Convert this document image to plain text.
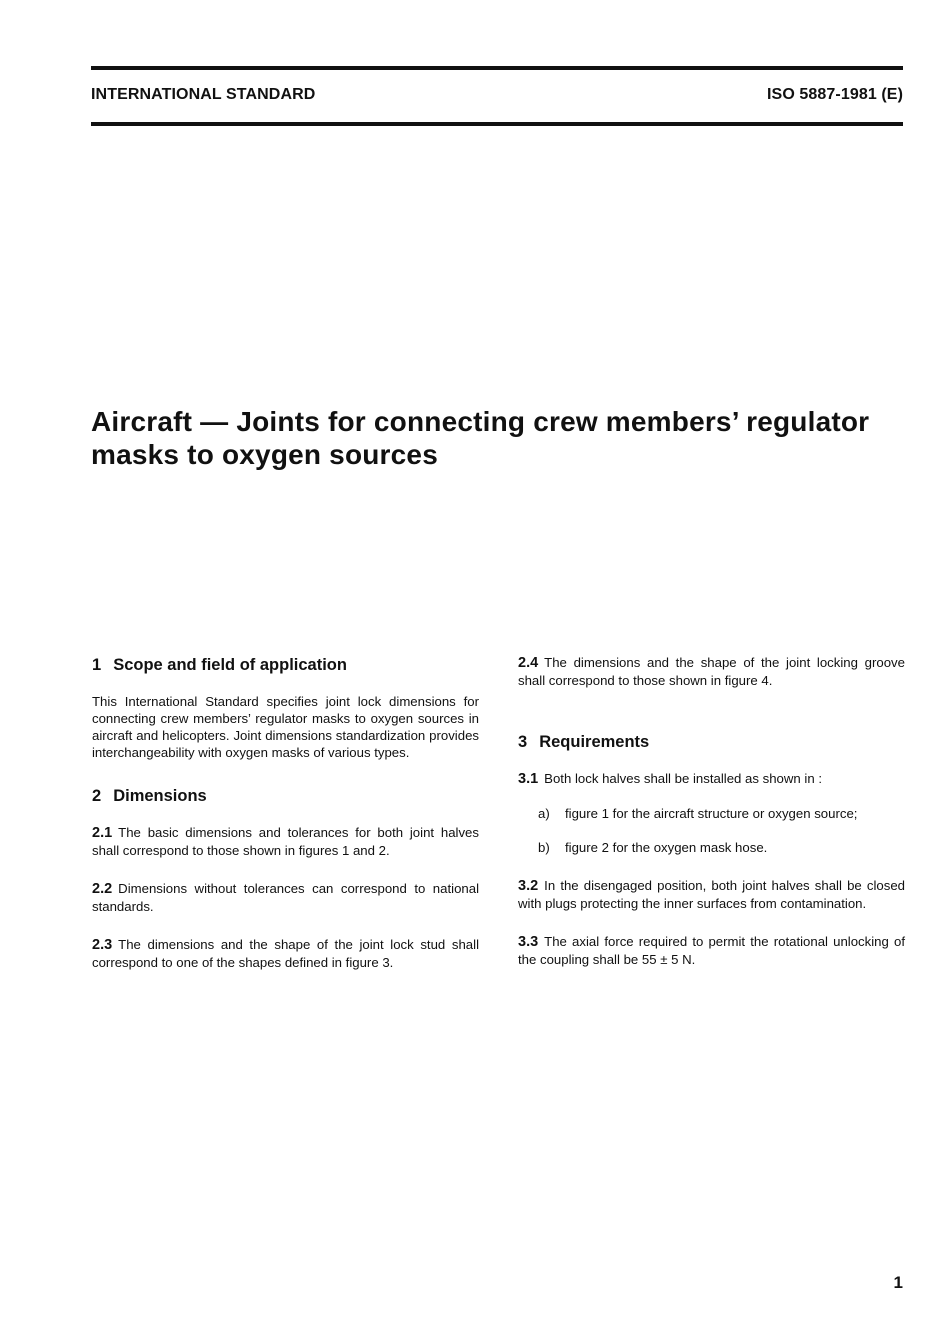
INTERNATIONAL STANDARD	ISO 5887-1981 (E)
Aircraft — Joints for connecting crew members’ regulator
masks to oxygen sources
1 Scope and field of application

This International Standard specifies joint lock dimensions for connecting crew members’ regulator masks to oxygen sources in aircraft and helicopters. Joint dimensions standardization provides interchangeability with oxygen masks of various types.

2 Dimensions

2.1 The basic dimensions and tolerances for both joint halves shall correspond to those shown in figures 1 and 2.

2.2 Dimensions without tolerances can correspond to national standards.

2.3 The dimensions and the shape of the joint lock stud shall correspond to one of the shapes defined in figure 3.

2.4 The dimensions and the shape of the joint locking groove shall correspond to those shown in figure 4.

3 Requirements

3.1 Both lock halves shall be installed as shown in :

a) figure 1 for the aircraft structure or oxygen source;

b) figure 2 for the oxygen mask hose.

3.2 In the disengaged position, both joint halves shall be closed with plugs protecting the inner surfaces from contamination.

3.3 The axial force required to permit the rotational unlocking of the coupling shall be 55 ± 5 N.

1
